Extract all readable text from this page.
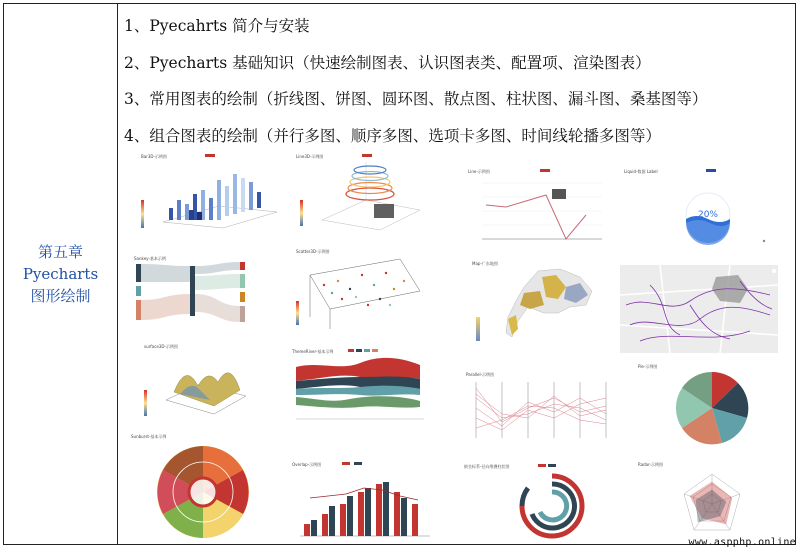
第五章
Pyecharts
图形绘制
1、Pyecahrts 简介与安装
2、Pyecharts 基础知识（快速绘制图表、认识图表类、配置项、渲染图表）
3、常用图表的绘制（折线图、饼图、圆环图、散点图、柱状图、漏斗图、桑基图等）
4、组合图表的绘制（并行多图、顺序多图、选项卡多图、时间线轮播多图等）
Bar3D-示例图	Line3D-示例图
Line-示例图	Liquid-数据 Label
20%
Sankey-基本示例
Scatter3D-示例图
Map-广东地图
surface3D-示例图
ThemeRiver-基本示例
Parallel-示例图
Pie-示例图
Sunburst-基本示例
Overlap-示例图	极坐标系-径向堆叠柱状图	Radar-示例图
www.aspphp.online
